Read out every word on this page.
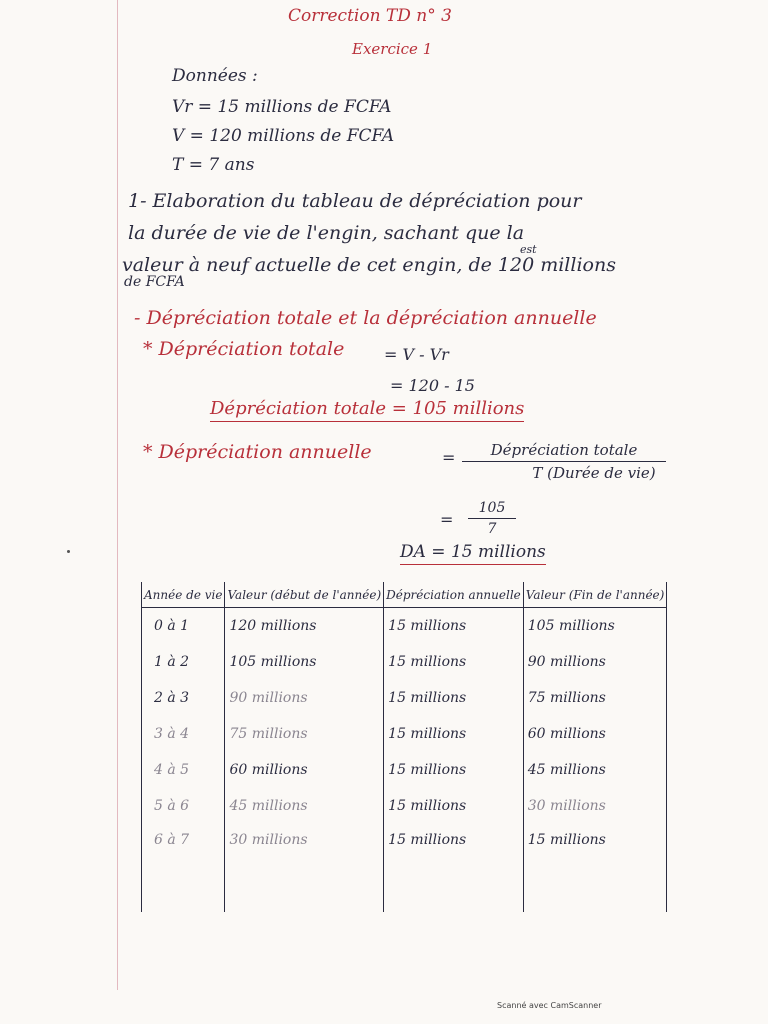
Correction TD n° 3
Exercice 1
Données :
Vr = 15 millions de FCFA
V = 120 millions de FCFA
T = 7 ans
1- Elaboration du tableau de dépréciation pour
la durée de vie de l'engin, sachant que la
est
valeur à neuf actuelle de cet engin, de 120 millions
de FCFA
- Dépréciation totale et la dépréciation annuelle
* Dépréciation totale = V - Vr
= 120 - 15
Dépréciation totale = 105 millions
* Dépréciation annuelle	=	Dépréciation totale
T (Durée de vie)
= $\frac{105}{7}$
DA = 15 millions
Année de vie	Valeur (début de l'année)	Dépréciation annuelle	Valeur (Fin de l'année)
0 à 1	120 millions	15 millions	105 millions
1 à 2	105 millions	15 millions	90 millions
2 à 3	90 millions	15 millions	75 millions
3 à 4	75 millions	15 millions	60 millions
4 à 5	60 millions	15 millions	45 millions
5 à 6	45 millions	15 millions	30 millions
6 à 7	30 millions	15 millions	15 millions
Scanné avec CamScanner
